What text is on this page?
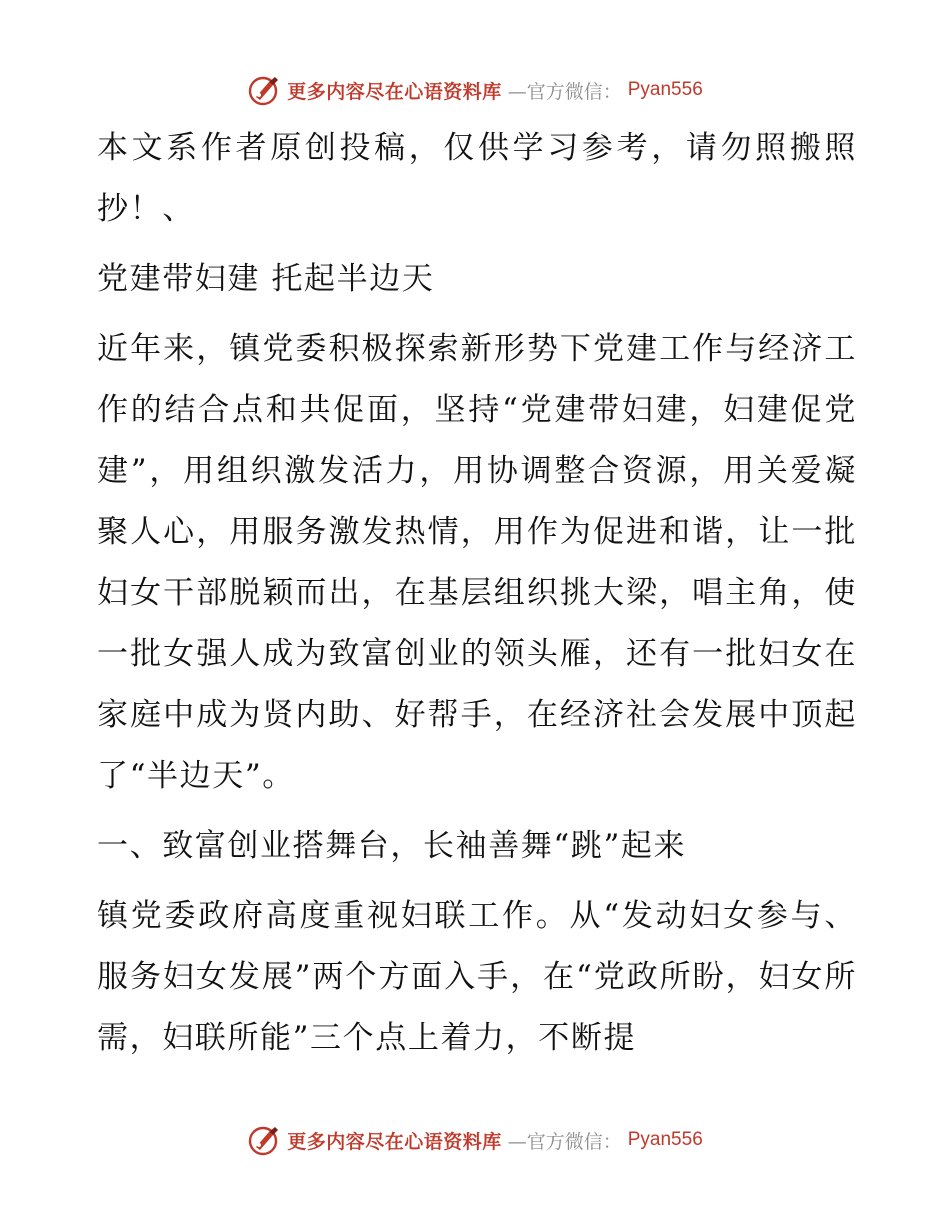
更多内容尽在心语资料库 —官方微信： Pyan556

本文系作者原创投稿，仅供学习参考，请勿照搬照抄！、

党建带妇建 托起半边天

近年来，镇党委积极探索新形势下党建工作与经济工作的结合点和共促面，坚持“党建带妇建，妇建促党建”，用组织激发活力，用协调整合资源，用关爱凝聚人心，用服务激发热情，用作为促进和谐，让一批妇女干部脱颖而出，在基层组织挑大梁，唱主角，使一批女强人成为致富创业的领头雁，还有一批妇女在家庭中成为贤内助、好帮手，在经济社会发展中顶起了“半边天”。

一、致富创业搭舞台，长袖善舞“跳”起来

镇党委政府高度重视妇联工作。从“发动妇女参与、服务妇女发展”两个方面入手，在“党政所盼，妇女所需，妇联所能”三个点上着力，不断提

更多内容尽在心语资料库 —官方微信： Pyan556
